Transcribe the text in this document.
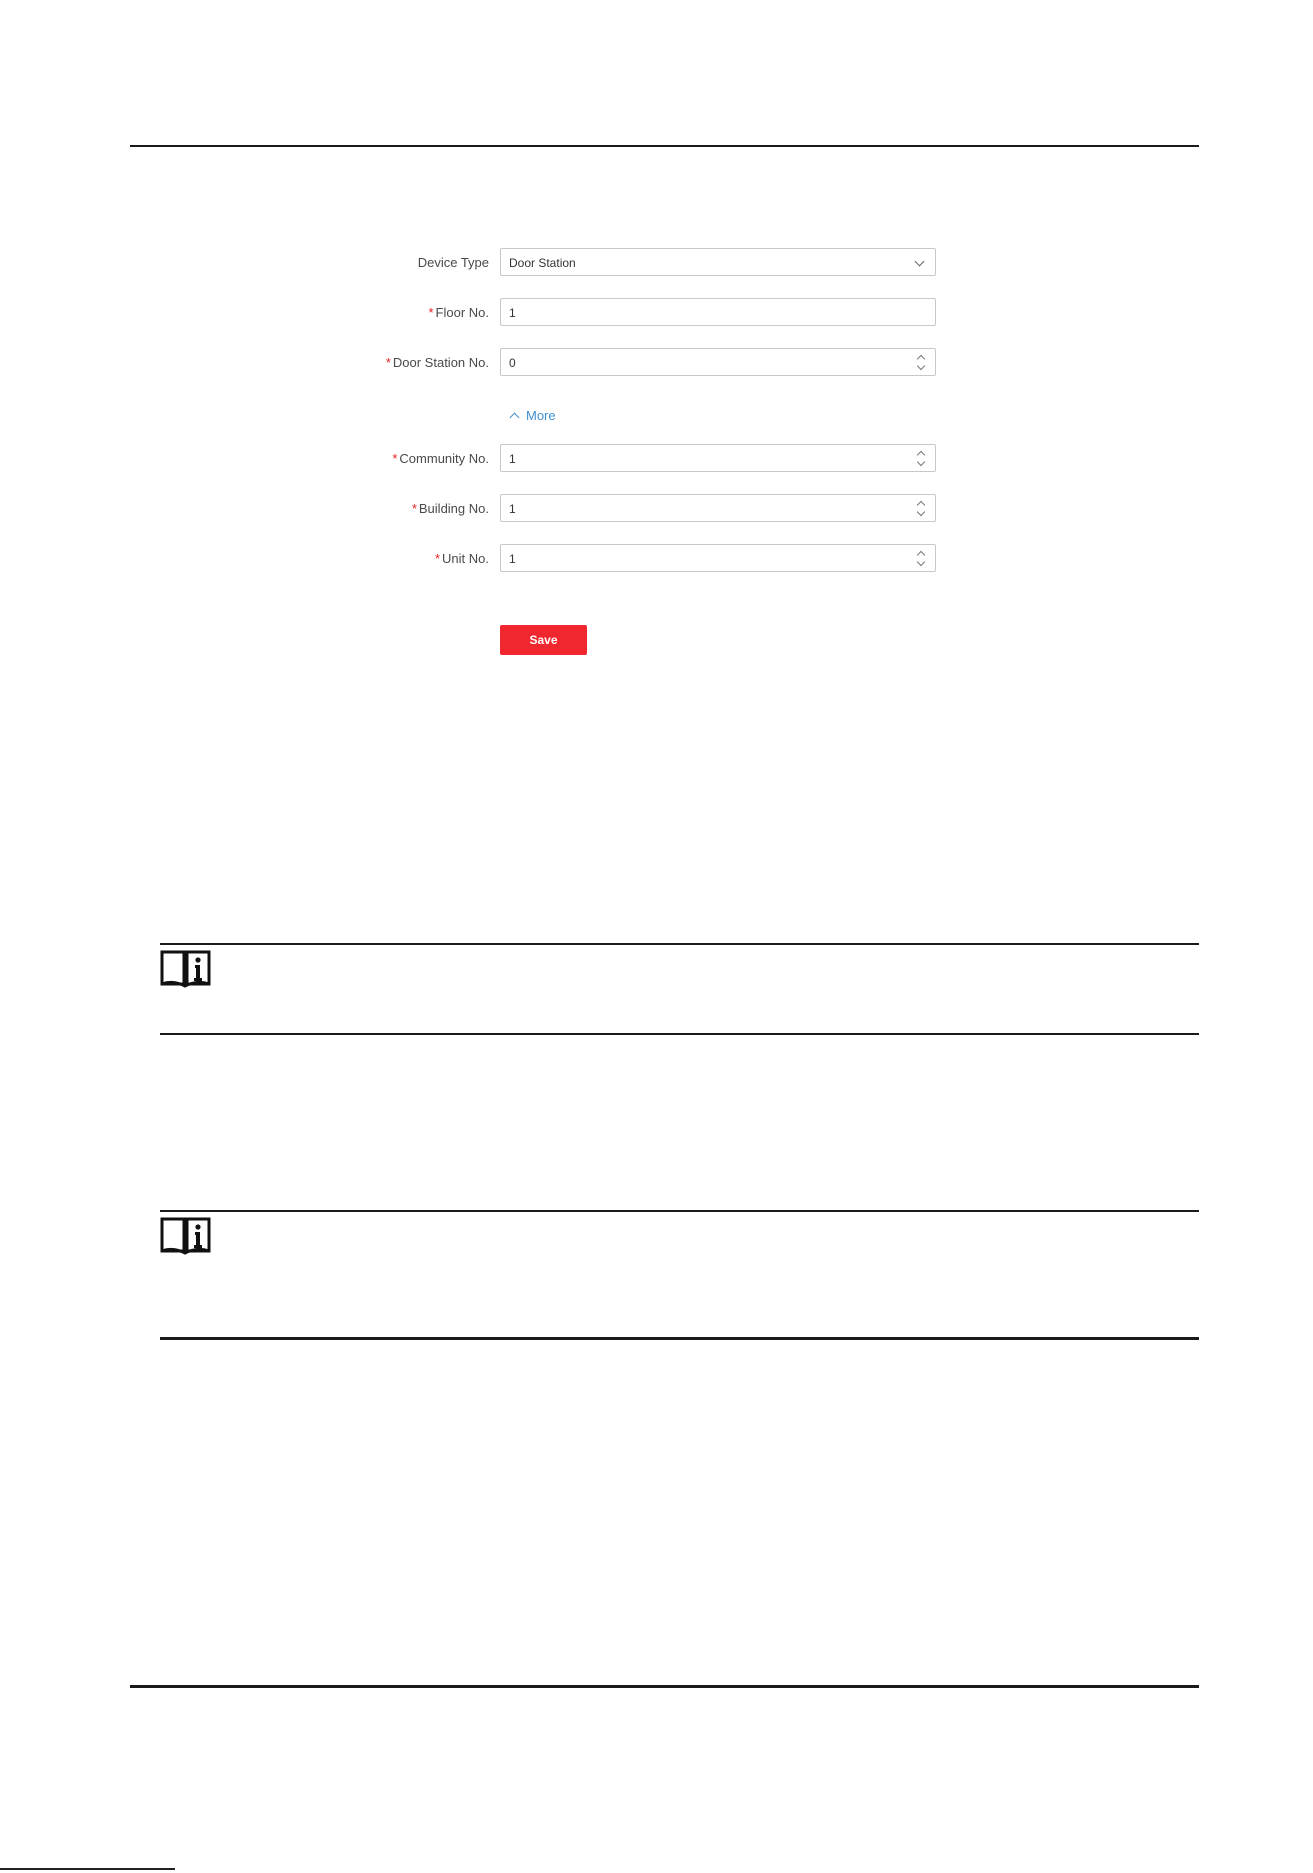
Device Type	Door Station
* Floor No.	1
* Door Station No.	0
More
* Community No.	1
* Building No.	1
* Unit No.	1
Save
